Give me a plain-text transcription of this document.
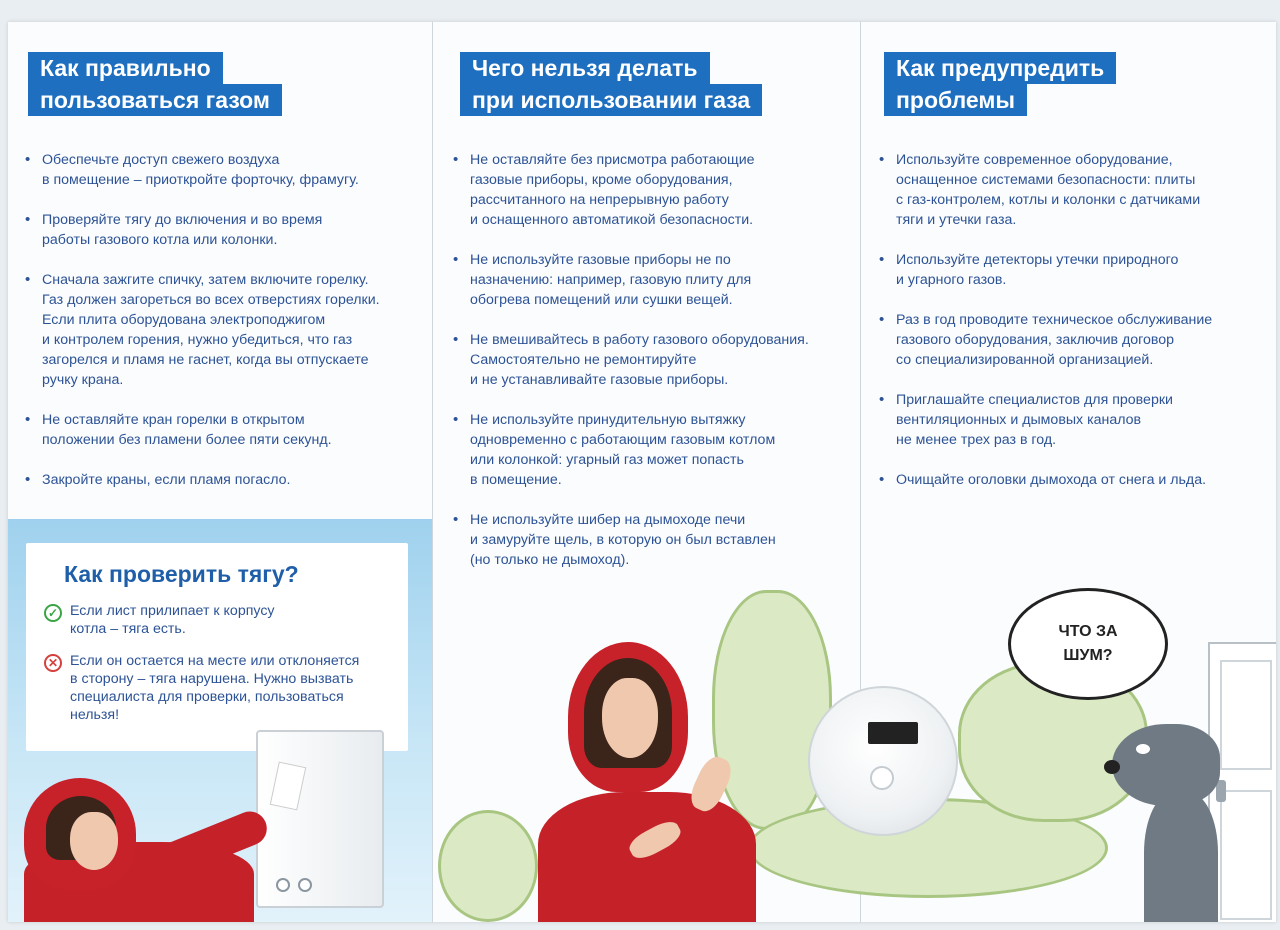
Как правильно
пользоваться газом
• Обеспечьте доступ свежего воздуха
в помещение – приоткройте форточку, фрамугу.
• Проверяйте тягу до включения и во время
работы газового котла или колонки.
• Сначала зажгите спичку, затем включите горелку.
Газ должен загореться во всех отверстиях горелки.
Если плита оборудована электроподжигом
и контролем горения, нужно убедиться, что газ
загорелся и пламя не гаснет, когда вы отпускаете
ручку крана.
• Не оставляйте кран горелки в открытом
положении без пламени более пяти секунд.
• Закройте краны, если пламя погасло.
Как проверить тягу?
✓ Если лист прилипает к корпусу
котла – тяга есть.
✕ Если он остается на месте или отклоняется
в сторону – тяга нарушена. Нужно вызвать
специалиста для проверки, пользоваться
нельзя!
Чего нельзя делать
при использовании газа
• Не оставляйте без присмотра работающие
газовые приборы, кроме оборудования,
рассчитанного на непрерывную работу
и оснащенного автоматикой безопасности.
• Не используйте газовые приборы не по
назначению: например, газовую плиту для
обогрева помещений или сушки вещей.
• Не вмешивайтесь в работу газового оборудования.
Самостоятельно не ремонтируйте
и не устанавливайте газовые приборы.
• Не используйте принудительную вытяжку
одновременно с работающим газовым котлом
или колонкой: угарный газ может попасть
в помещение.
• Не используйте шибер на дымоходе печи
и замуруйте щель, в которую он был вставлен
(но только не дымоход).
Как предупредить
проблемы
• Используйте современное оборудование,
оснащенное системами безопасности: плиты
с газ-контролем, котлы и колонки с датчиками
тяги и утечки газа.
• Используйте детекторы утечки природного
и угарного газов.
• Раз в год проводите техническое обслуживание
газового оборудования, заключив договор
со специализированной организацией.
• Приглашайте специалистов для проверки
вентиляционных и дымовых каналов
не менее трех раз в год.
• Очищайте оголовки дымохода от снега и льда.
ЧТО ЗА
ШУМ?
